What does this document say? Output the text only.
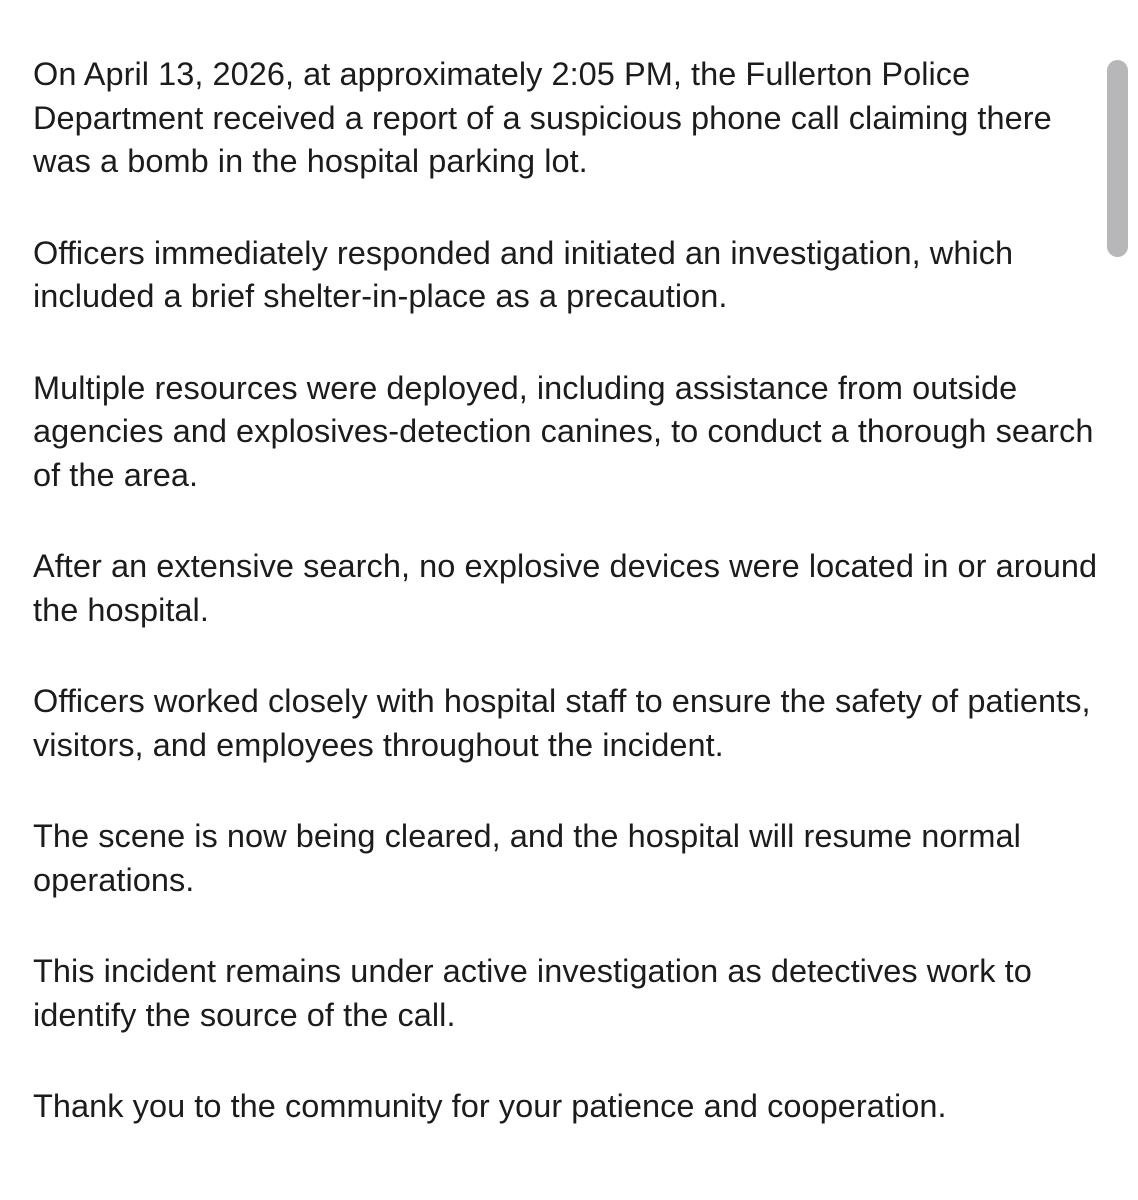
On April 13, 2026, at approximately 2:05 PM, the Fullerton Police Department received a report of a suspicious phone call claiming there was a bomb in the hospital parking lot.

Officers immediately responded and initiated an investigation, which included a brief shelter-in-place as a precaution.

Multiple resources were deployed, including assistance from outside agencies and explosives-detection canines, to conduct a thorough search of the area.

After an extensive search, no explosive devices were located in or around the hospital.

Officers worked closely with hospital staff to ensure the safety of patients, visitors, and employees throughout the incident.

The scene is now being cleared, and the hospital will resume normal operations.

This incident remains under active investigation as detectives work to identify the source of the call.

Thank you to the community for your patience and cooperation.
